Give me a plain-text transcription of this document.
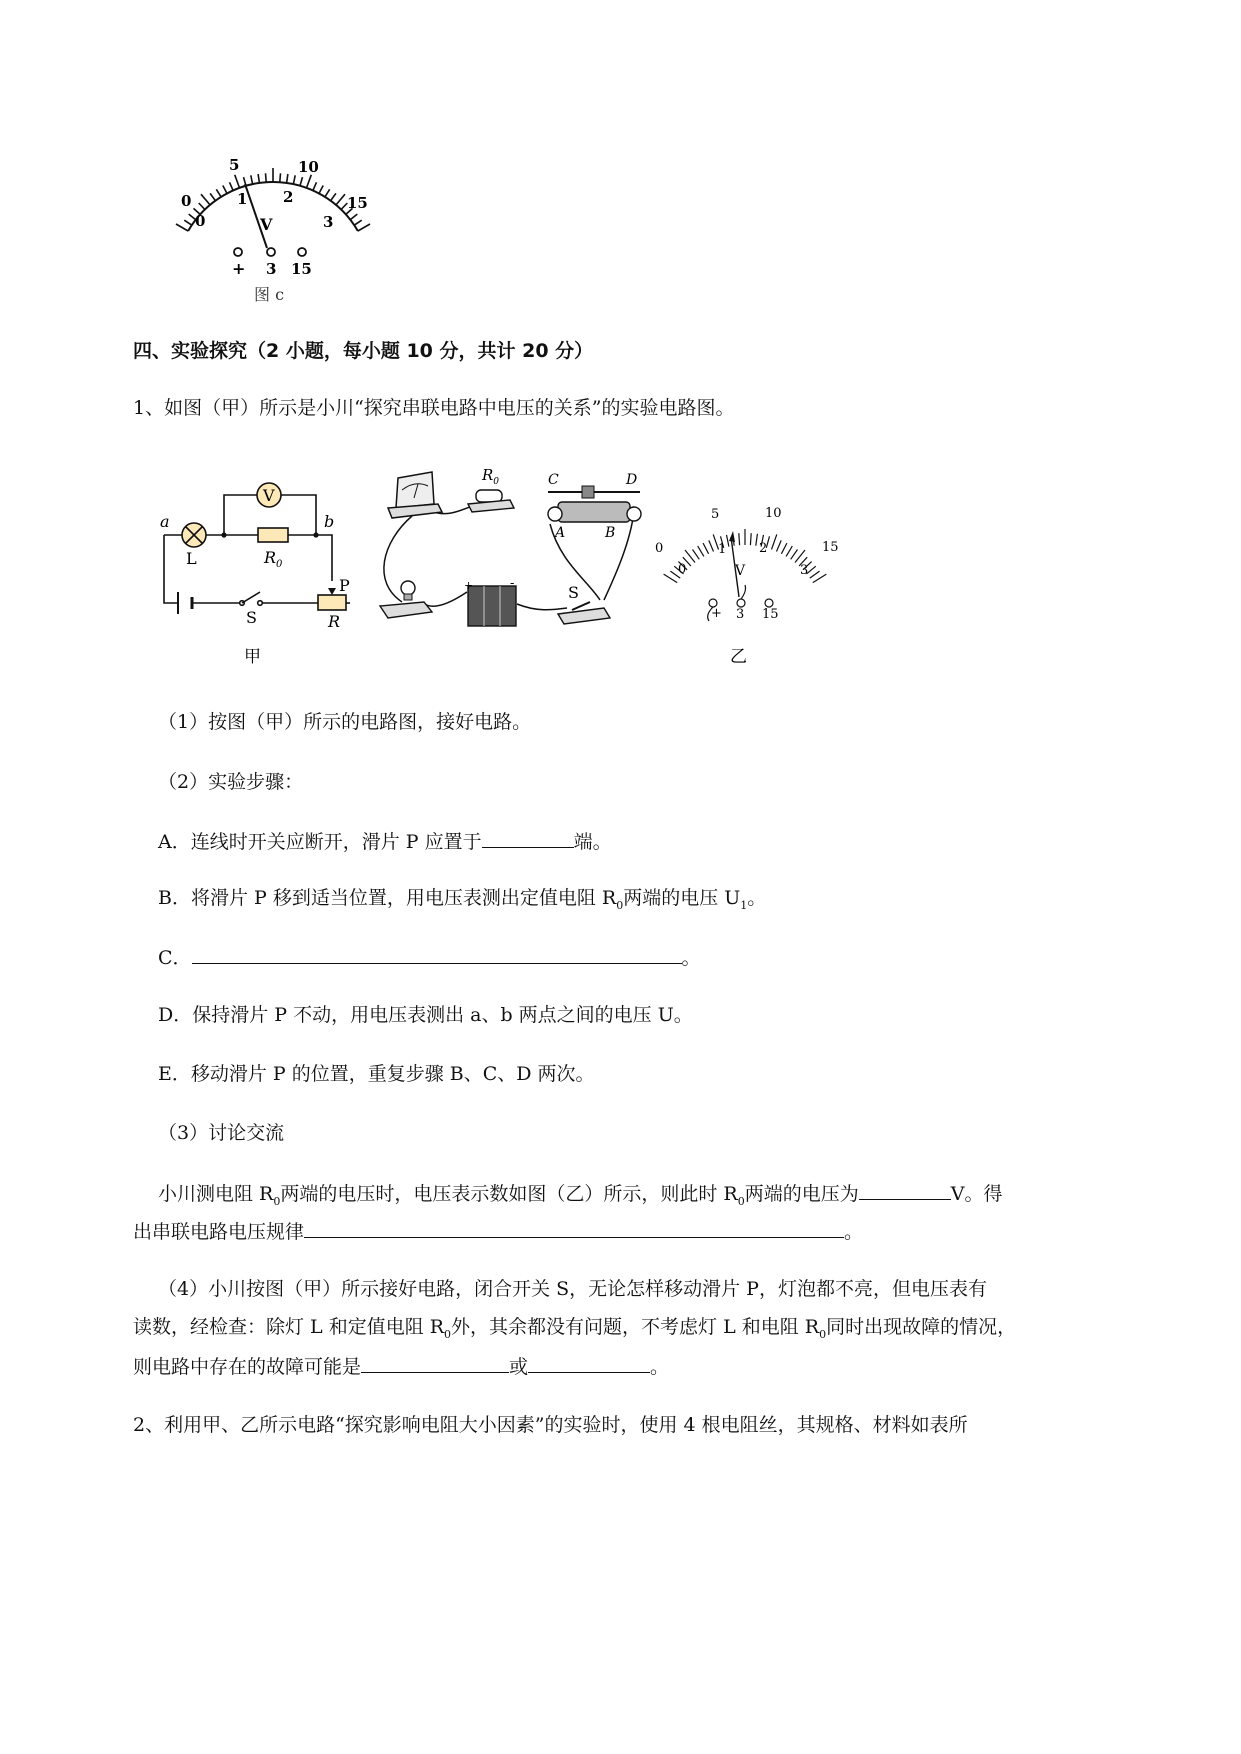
0
5	10
15
0
1 2
3
V
+ 3 15
图 c
四、实验探究（2 小题，每小题 10 分，共计 20 分）
1、如图（甲）所示是小川“探究串联电路中电压的关系”的实验电路图。
V
a	b
L	$R_0$
S
P
R
甲
$R_0$	C	D
A	B
+	-	S
0
5	10
15
0
1	2
3
V
+ 3 15
乙
（1）按图（甲）所示的电路图，接好电路。
（2）实验步骤：
A．连线时开关应断开，滑片 P 应置于	端。
B．将滑片 P 移到适当位置，用电压表测出定值电阻 $R_0$两端的电压 $U_1$。
C．	。
D．保持滑片 P 不动，用电压表测出 a、b 两点之间的电压 U。
E．移动滑片 P 的位置，重复步骤 B、C、D 两次。
（3）讨论交流
小川测电阻 $R_0$两端的电压时，电压表示数如图（乙）所示，则此时 $R_0$两端的电压为	V。得
出串联电路电压规律	。
（4）小川按图（甲）所示接好电路，闭合开关 S，无论怎样移动滑片 P，灯泡都不亮，但电压表有
读数，经检查：除灯 L 和定值电阻 $R_0$外，其余都没有问题，不考虑灯 L 和电阻 $R_0$同时出现故障的情况，
则电路中存在的故障可能是	或	。
2、利用甲、乙所示电路“探究影响电阻大小因素”的实验时，使用 4 根电阻丝，其规格、材料如表所
